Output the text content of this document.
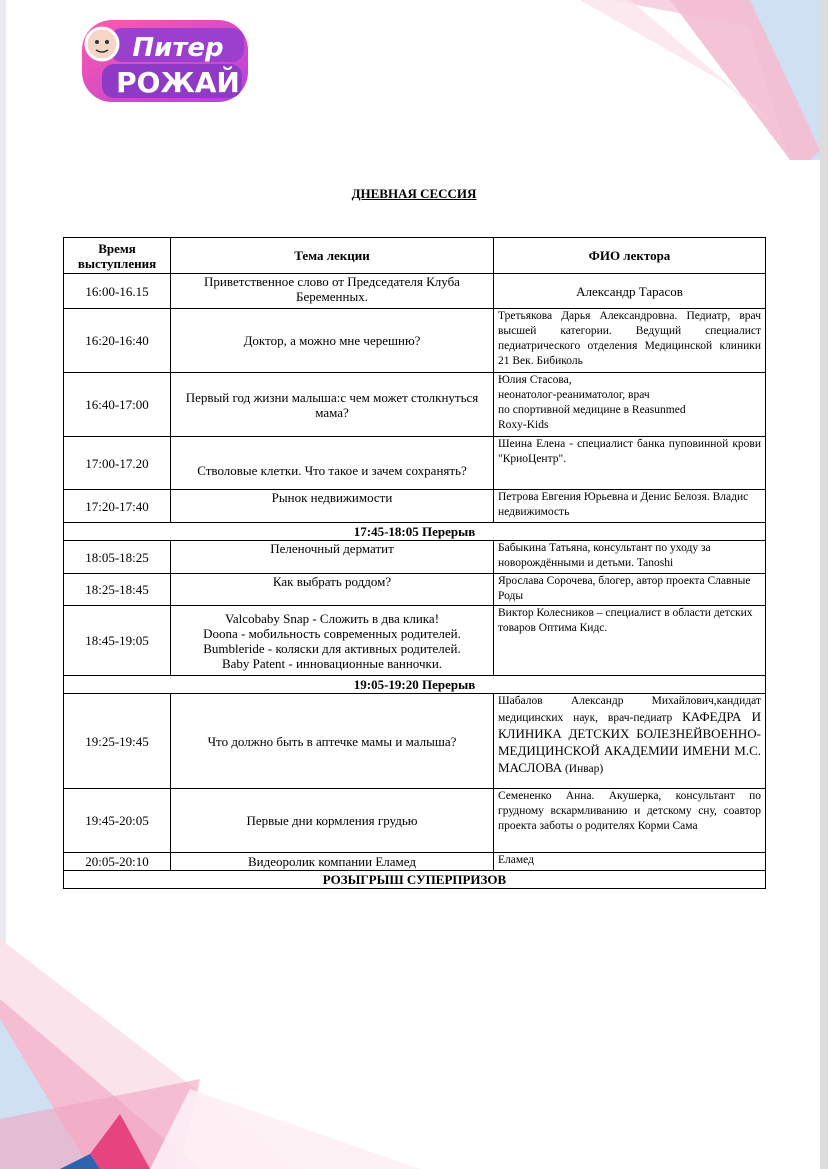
Питер
РОЖАЙ
ДНЕВНАЯ СЕССИЯ
Время выступления	Тема лекции	ФИО лектора
16:00-16.15	Приветственное слово от Председателя Клуба Беременных.	Александр Тарасов
16:20-16:40	Доктор, а можно мне черешню?	Третьякова Дарья Александровна. Педиатр, врач высшей категории. Ведущий специалист педиатрического отделения Медицинской клиники 21 Век. Бибиколь
16:40-17:00	Первый год жизни малыша:с чем может столкнуться мама?	Юлия Стасова,
неонатолог-реаниматолог, врач
по спортивной медицине в Reasunmed
Roxy-Kids

17:00-17.20	Стволовые клетки. Что такое и зачем сохранять?	Шеина Елена - специалист банка пуповинной крови "КриоЦентр".
17:20-17:40	Рынок недвижимости	Петрова Евгения Юрьевна и Денис Белозя. Владис недвижимость
17:45-18:05 Перерыв		
18:05-18:25	Пеленочный дерматит	Бабыкина Татьяна, консультант по уходу за новорождёнными и детьми. Tanoshi
18:25-18:45	Как выбрать роддом?	Ярослава Сорочева, блогер, автор проекта Славные Роды
18:45-19:05	Valcobaby Snap - Сложить в два клика!
Doona - мобильность современных родителей.
Bumbleride - коляски для активных родителей.
Baby Patent - инновационные ванночки.	Виктор Колесников – специалист в области детских товаров Оптима Кидс.
19:05-19:20 Перерыв		
19:25-19:45	Что должно быть в аптечке мамы и малыша?	Шабалов Александр Михайлович,кандидат медицинских наук, врач-педиатр КАФЕДРА И КЛИНИКА ДЕТСКИХ БОЛЕЗНЕЙВОЕННО-МЕДИЦИНСКОЙ АКАДЕМИИ ИМЕНИ М.С. МАСЛОВА (Инвар)
19:45-20:05	Первые дни кормления грудью	Семененко Анна. Акушерка, консультант по грудному вскармливанию и детскому сну, соавтор проекта заботы о родителях Корми Сама
20:05-20:10	Видеоролик компании Еламед	Еламед
РОЗЫГРЫШ СУПЕРПРИЗОВ		
